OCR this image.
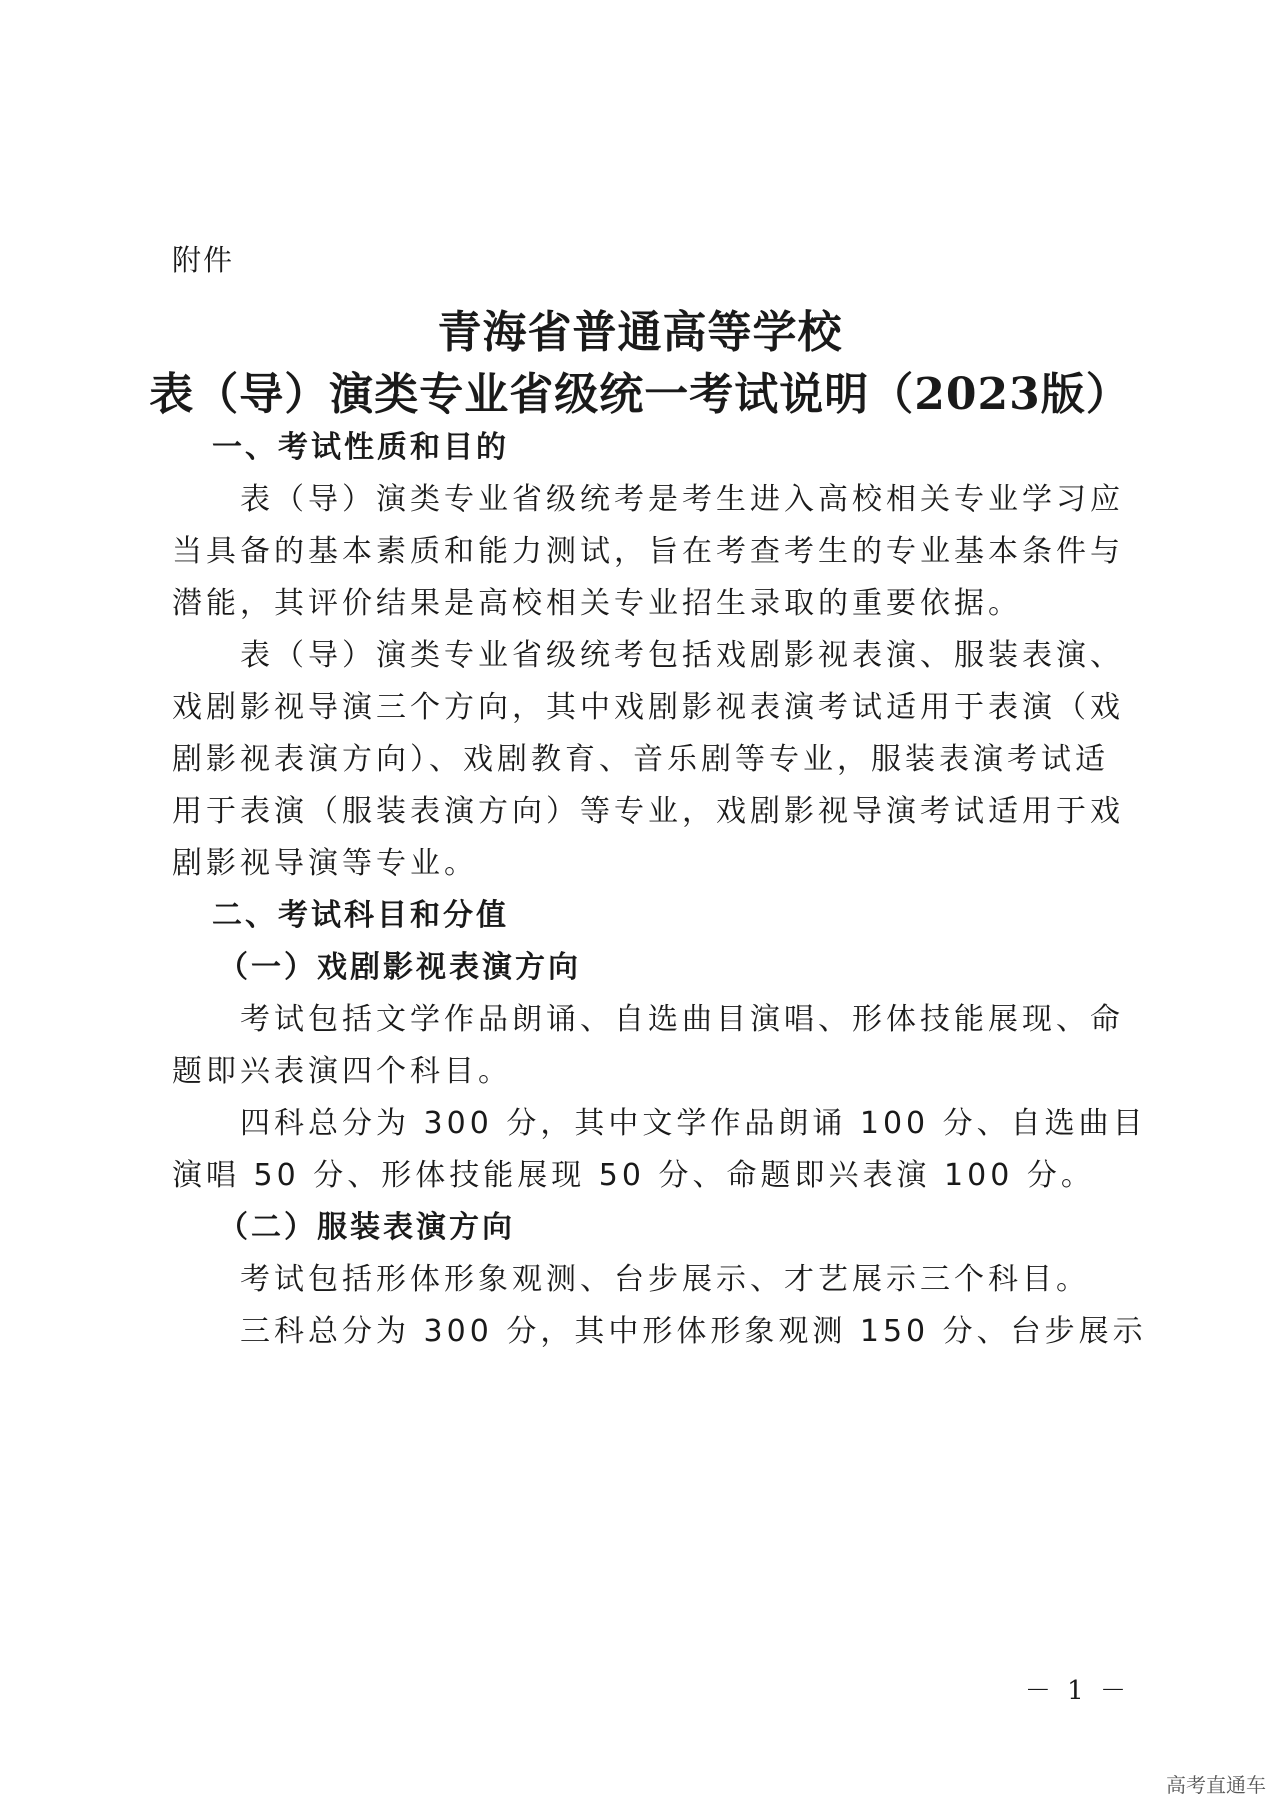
附件
青海省普通高等学校
表（导）演类专业省级统一考试说明（2023版）
一、考试性质和目的
表（导）演类专业省级统考是考生进入高校相关专业学习应
当具备的基本素质和能力测试，旨在考查考生的专业基本条件与
潜能，其评价结果是高校相关专业招生录取的重要依据。
表（导）演类专业省级统考包括戏剧影视表演、服装表演、
戏剧影视导演三个方向，其中戏剧影视表演考试适用于表演（戏
剧影视表演方向）、戏剧教育、音乐剧等专业，服装表演考试适
用于表演（服装表演方向）等专业，戏剧影视导演考试适用于戏
剧影视导演等专业。
二、考试科目和分值
（一）戏剧影视表演方向
考试包括文学作品朗诵、自选曲目演唱、形体技能展现、命
题即兴表演四个科目。
四科总分为 300 分，其中文学作品朗诵 100 分、自选曲目
演唱 50 分、形体技能展现 50 分、命题即兴表演 100 分。
（二）服装表演方向
考试包括形体形象观测、台步展示、才艺展示三个科目。
三科总分为 300 分，其中形体形象观测 150 分、台步展示
－ 1 －
高考直通车
